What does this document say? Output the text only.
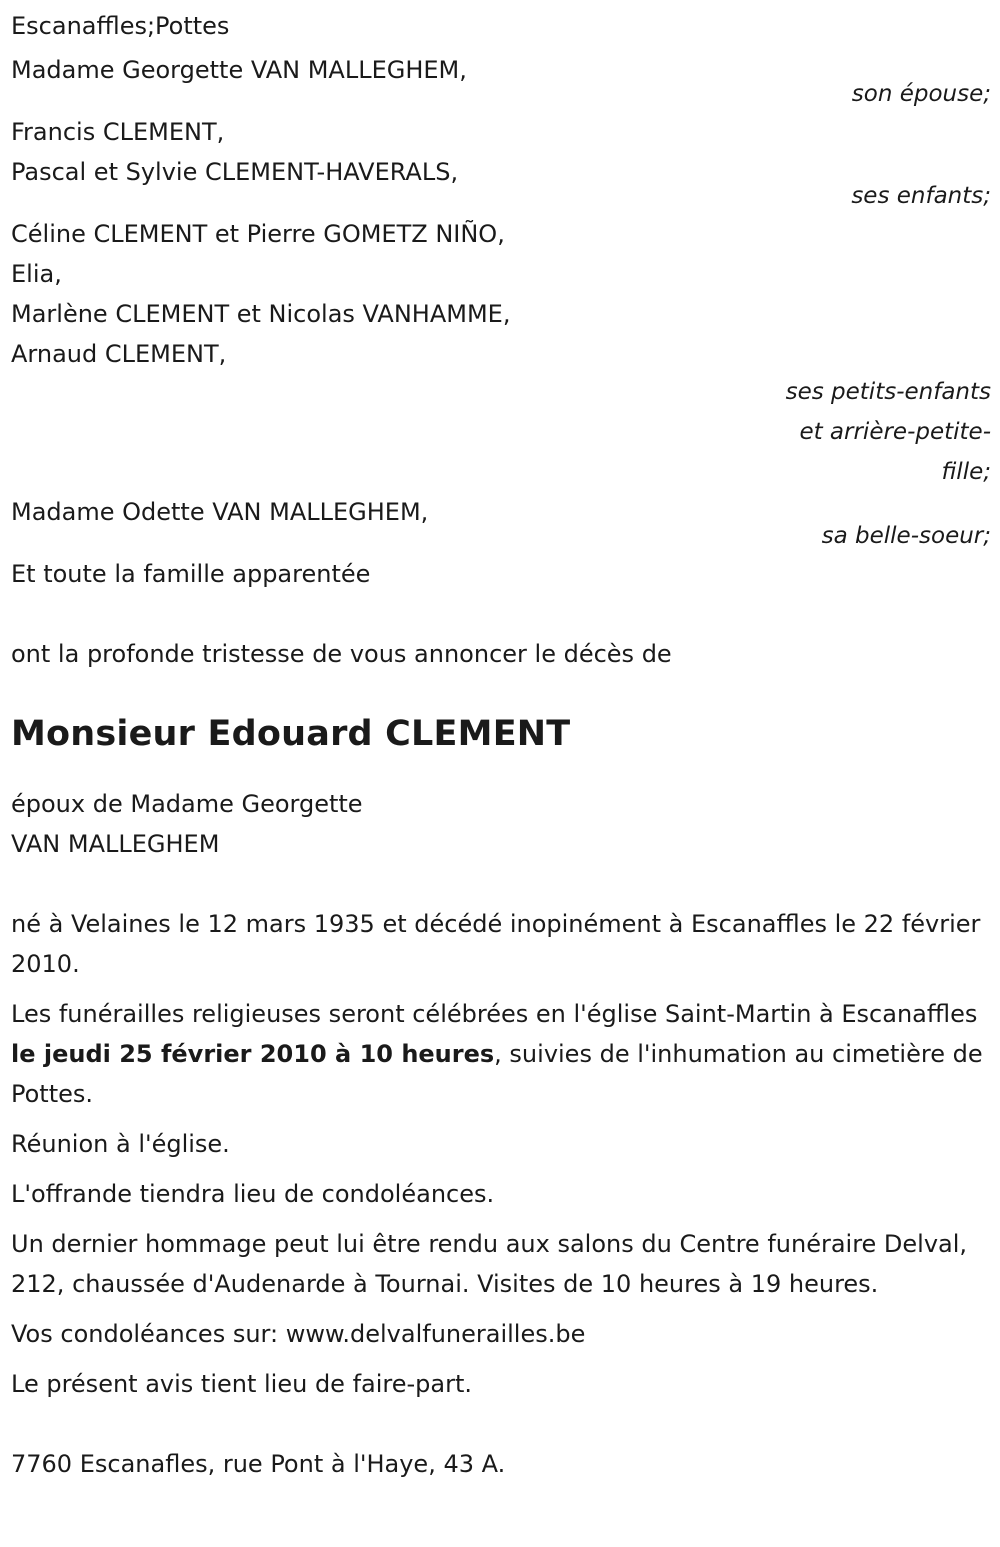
Escanaffles;Pottes
Madame Georgette VAN MALLEGHEM,
son épouse;
Francis CLEMENT,
Pascal et Sylvie CLEMENT-HAVERALS,
ses enfants;
Céline CLEMENT et Pierre GOMETZ NIÑO,
Elia,
Marlène CLEMENT et Nicolas VANHAMME,
Arnaud CLEMENT,
ses petits-enfants et arrière-petite-fille;
Madame Odette VAN MALLEGHEM,
sa belle-soeur;
Et toute la famille apparentée
ont la profonde tristesse de vous annoncer le décès de
Monsieur Edouard CLEMENT
époux de Madame Georgette
VAN MALLEGHEM
né à Velaines le 12 mars 1935 et décédé inopinément à Escanaffles le 22 février 2010.
Les funérailles religieuses seront célébrées en l'église Saint-Martin à Escanaffles le jeudi 25 février 2010 à 10 heures, suivies de l'inhumation au cimetière de Pottes.
Réunion à l'église.
L'offrande tiendra lieu de condoléances.
Un dernier hommage peut lui être rendu aux salons du Centre funéraire Delval, 212, chaussée d'Audenarde à Tournai. Visites de 10 heures à 19 heures.
Vos condoléances sur: www.delvalfunerailles.be
Le présent avis tient lieu de faire-part.
7760 Escanafles, rue Pont à l'Haye, 43 A.
